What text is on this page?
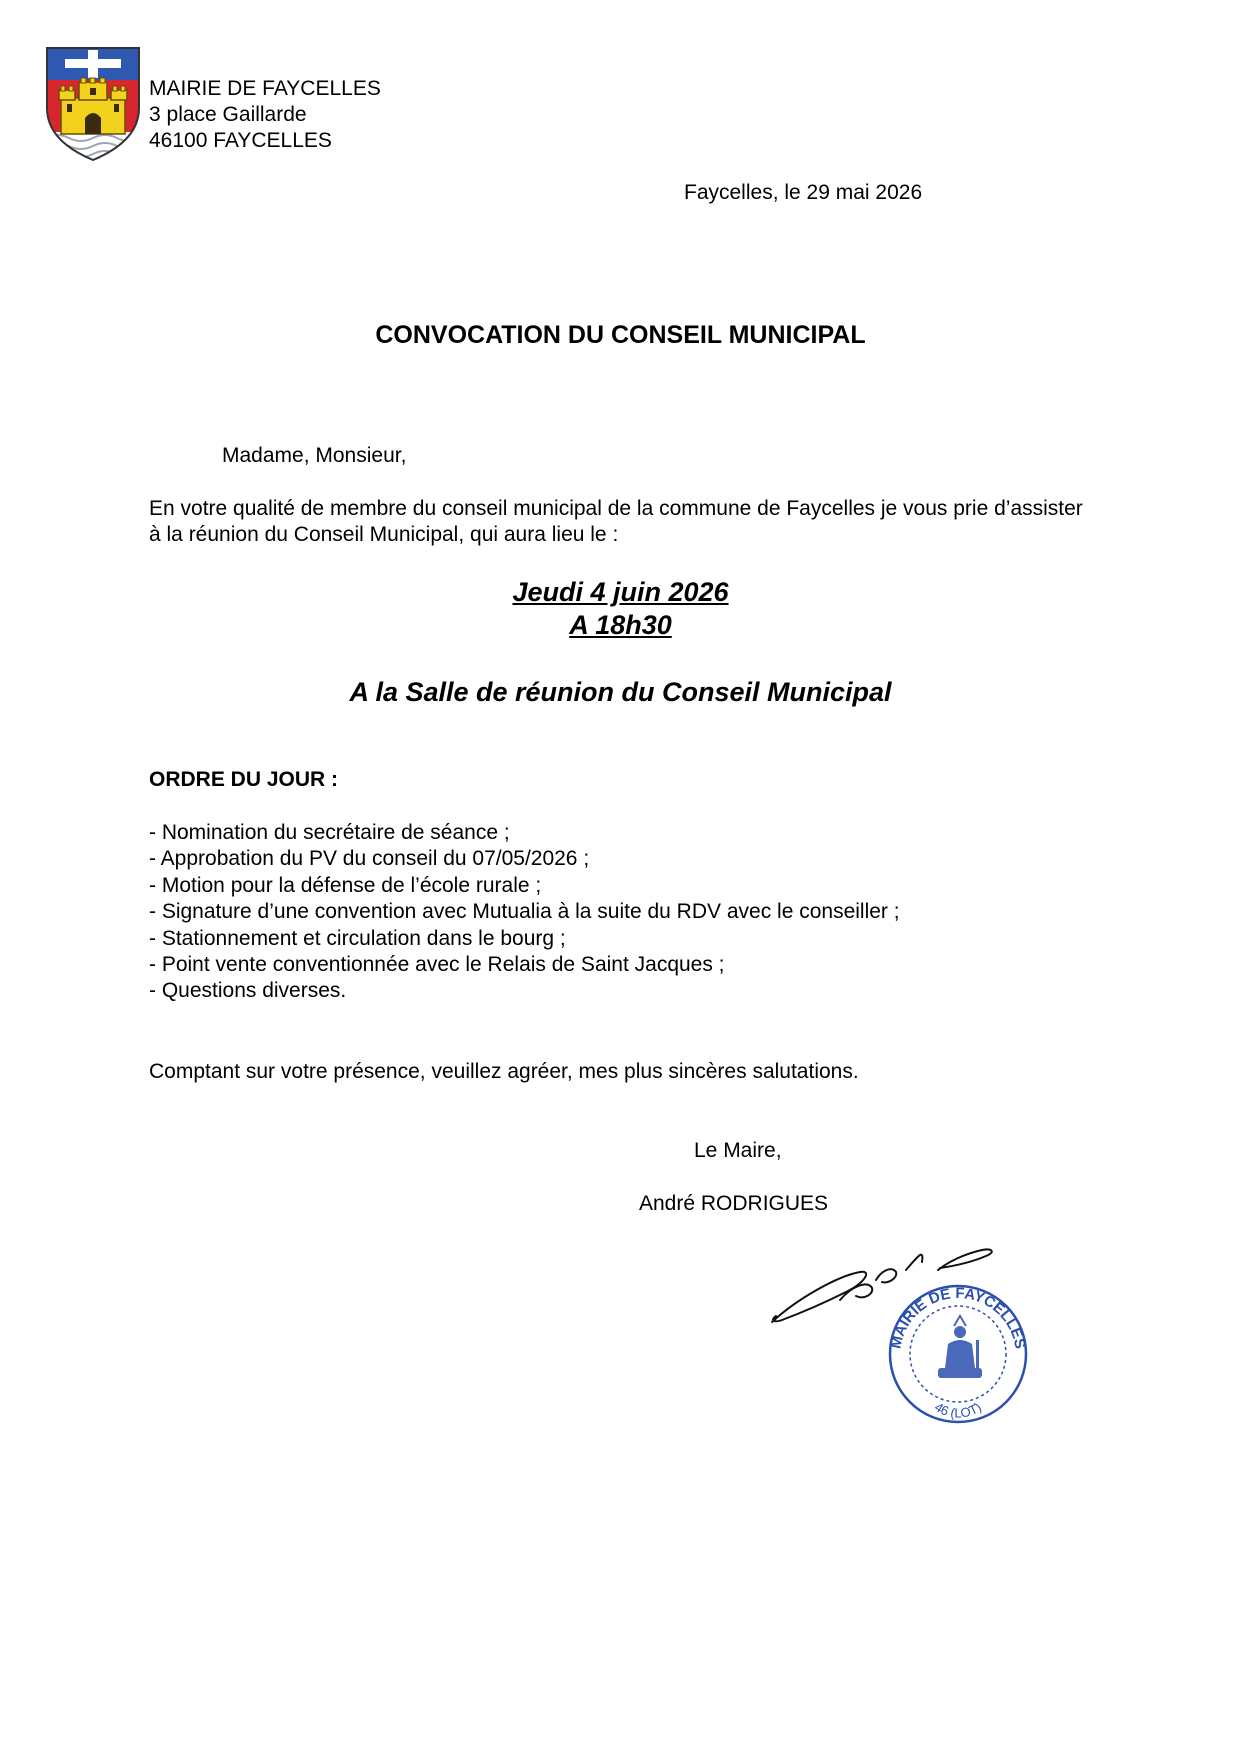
MAIRIE DE FAYCELLES
3 place Gaillarde
46100 FAYCELLES
Faycelles, le 29 mai 2026
CONVOCATION DU CONSEIL MUNICIPAL
Madame, Monsieur,
En votre qualité de membre du conseil municipal de la commune de Faycelles je vous prie d’assister à la réunion du Conseil Municipal, qui aura lieu le :
Jeudi 4 juin 2026
A 18h30
A la Salle de réunion du Conseil Municipal
ORDRE DU JOUR :
- Nomination du secrétaire de séance ;
- Approbation du PV du conseil du 07/05/2026 ;
- Motion pour la défense de l’école rurale ;
- Signature d’une convention avec Mutualia à la suite du RDV avec le conseiller ;
- Stationnement et circulation dans le bourg ;
- Point vente conventionnée avec le Relais de Saint Jacques ;
- Questions diverses.
Comptant sur votre présence, veuillez agréer, mes plus sincères salutations.
Le Maire,
André RODRIGUES
MAIRIE DE FAYCELLES
46 (LOT)
